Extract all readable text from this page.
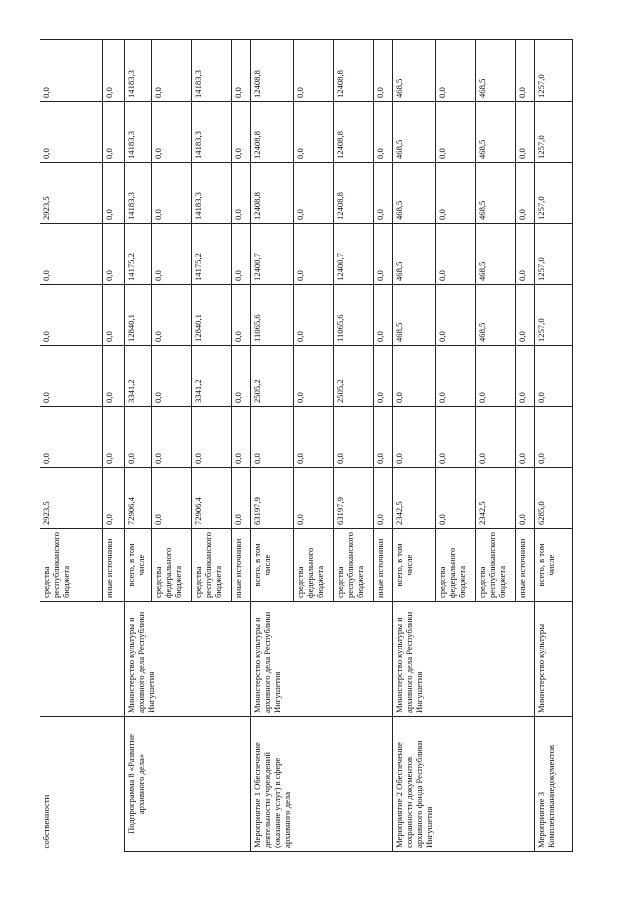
собственности		средства республиканского бюджета	2923,5	0,0	0,0	0,0	0,0	2923,5	0,0	0,0
		иные источники	0,0	0,0	0,0	0,0	0,0	0,0	0,0	0,0
Подпрограмма 8 «Развитие архивного дела»	Министерство культуры и архивного дела Республики Ингушетия	всего, в том числе	72906,4	0,0	3341,2	12840,1	14175,2	14183,3	14183,3	14183,3
		средства федерального бюджета	0,0	0,0	0,0	0,0	0,0	0,0	0,0	0,0
		средства республиканского бюджета	72906,4	0,0	3341,2	12840,1	14175,2	14183,3	14183,3	14183,3
		иные источники	0,0	0,0	0,0	0,0	0,0	0,0	0,0	0,0
Мероприятие 1 Обеспечение деятельности учреждений (оказание услуг) в сфере архивного дела	Министерство культуры и архивного дела Республики Ингушетия	всего, в том числе	63197,9	0,0	2505,2	11065,6	12400,7	12408,8	12408,8	12408,8
		средства федерального бюджета	0,0	0,0	0,0	0,0	0,0	0,0	0,0	0,0
		средства республиканского бюджета	63197,9	0,0	2505,2	11065,6	12400,7	12408,8	12408,8	12408,8
		иные источники	0,0	0,0	0,0	0,0	0,0	0,0	0,0	0,0
Мероприятие 2 Обеспечение сохранности документов архивного фонда Республики Ингушетия	Министерство культуры и архивного дела Республики Ингушетия	всего, в том числе	2342,5	0,0	0,0	468,5	468,5	468,5	468,5	468,5
		средства федерального бюджета	0,0	0,0	0,0	0,0	0,0	0,0	0,0	0,0
		средства республиканского бюджета	2342,5	0,0	0,0	468,5	468,5	468,5	468,5	468,5
		иные источники	0,0	0,0	0,0	0,0	0,0	0,0	0,0	0,0
Мероприятие 3 Комплектованиедокументов	Министерство культуры	всего, в том числе	6285,0	0,0	0,0	1257,0	1257,0	1257,0	1257,0	1257,0
